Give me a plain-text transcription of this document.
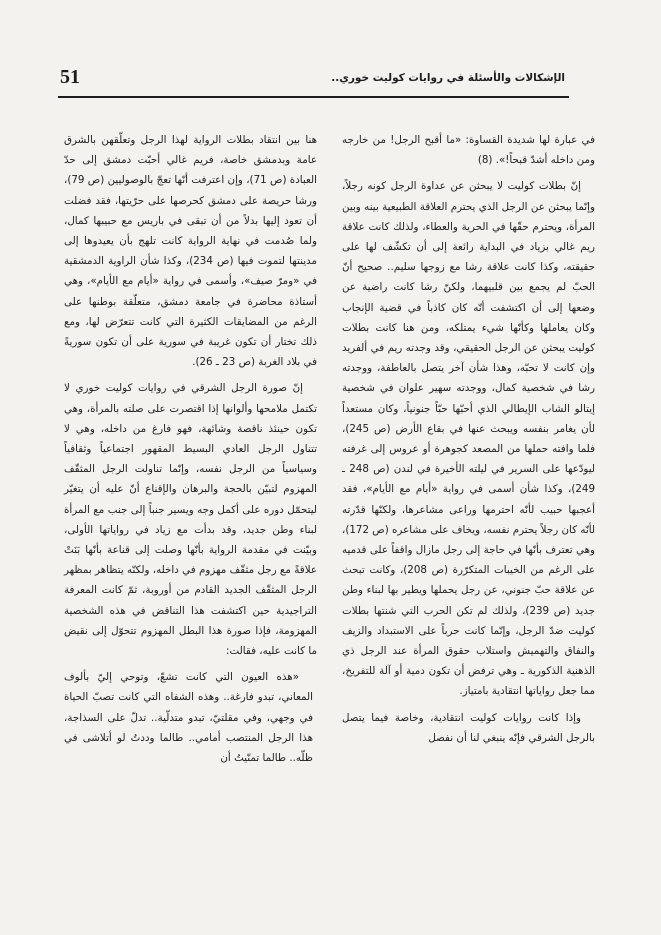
51	الإشكالات والأسئلة في روايات كوليت خوري..

في عبارة لها شديدة القساوة: «ما أقبح الرجل! من خارجه ومن داخله أشدّ قبحاً!». (8)

إنّ بطلات كوليت لا يبحثن عن عداوة الرجل كونه رجلاً، وإنّما يبحثن عن الرجل الذي يحترم العلاقة الطبيعية بينه وبين المرأة، ويحترم حقّها في الحرية والعطاء، ولذلك كانت علاقة ريم غالي بزياد في البداية رائعة إلى أن تكشّف لها على حقيقته، وكذا كانت علاقة رشا مع زوجها سليم.. صحيح أنّ الحبّ لم يجمع بين قلبيهما، ولكنّ رشا كانت راضية عن وضعها إلى أن اكتشفت أنّه كان كاذباً في قضية الإنجاب وكان يعاملها وكأنّها شيء يمتلكه، ومن هنا كانت بطلات كوليت يبحثن عن الرجل الحقيقي، وقد وجدته ريم في ألفريد وإن كانت لا تحبّه، وهذا شأن آخر يتصل بالعاطفة، ووجدته رشا في شخصية كمال، ووجدته سهير علوان في شخصية إيتالو الشاب الإيطالي الذي أحبّها حبّاً جنونياً، وكان مستعداً لأن يغامر بنفسه ويبحث عنها في بقاع الأرض (ص 245)، فلما وافته حملها من المصعد كجوهرة أو عروس إلى غرفته ليودّعها على السرير في ليلته الأخيرة في لندن (ص 248 ـ 249)، وكذا شأن أسمى في رواية «أيام مع الأيام»، فقد أعجبها حبيب لأنّه احترمها وراعى مشاعرها، ولكنّها قدّرته لأنّه كان رجلاً يحترم نفسه، ويخاف على مشاعره (ص 172)، وهي تعترف بأنّها في حاجة إلى رجل مازال واقفاً على قدميه على الرغم من الخيبات المتكرّرة (ص 208)، وكانت تبحث عن علاقة حبّ جنوني، عن رجل يحملها ويطير بها لبناء وطن جديد (ص 239)، ولذلك لم تكن الحرب التي شنتها بطلات كوليت ضدّ الرجل، وإنّما كانت حرباً على الاستبداد والزيف والنفاق والتهميش واستلاب حقوق المرأة عند الرجل ذي الذهنية الذكورية ـ وهي ترفض أن تكون دمية أو آلة للتفريخ، مما جعل رواياتها انتقادية بامتياز.

وإذا كانت روايات كوليت انتقادية، وخاصة فيما يتصل بالرجل الشرقي فإنّه ينبغي لنا أن نفصل

هنا بين انتقاد بطلات الرواية لهذا الرجل وتعلّقهن بالشرق عامة وبدمشق خاصة، فريم غالي أحبّت دمشق إلى حدّ العبادة (ص 71)، وإن اعترفت أنّها تعجّ بالوصوليين (ص 79)، ورشا حريصة على دمشق كحرصها على حرّيتها، فقد فضلت أن تعود إليها بدلاً من أن تبقى في باريس مع حبيبها كمال، ولما صُدمت في نهاية الرواية كانت تلهج بأن يعيدوها إلى مدينتها لتموت فيها (ص 234)، وكذا شأن الراوية الدمشقية في «ومرّ صيف»، وأسمى في رواية «أيام مع الأيام»، وهي أستاذة محاضرة في جامعة دمشق، متعلّقة بوطنها على الرغم من المضايقات الكثيرة التي كانت تتعرّض لها، ومع ذلك تختار أن تكون غريبة في سورية على أن تكون سوريةً في بلاد الغربة (ص 23 ـ 26).

إنّ صورة الرجل الشرقي في روايات كوليت خوري لا تكتمل ملامحها وألوانها إذا اقتصرت على صلته بالمرأة، وهي تكون حينئذ ناقصة وشائهة، فهو فارغ من داخله، وهي لا تتناول الرجل العادي البسيط المقهور اجتماعياً وثقافياً وسياسياً من الرجل نفسه، وإنّما تناولت الرجل المثقّف المهزوم لتبيّن بالحجة والبرهان والإقناع أنّ عليه أن يتغيّر ليتحمّل دوره على أكمل وجه ويسير جنباً إلى جنب مع المرأة لبناء وطن جديد، وقد بدأت مع زياد في رواياتها الأولى، وبيّنت في مقدمة الرواية بأنّها وصلت إلى قناعة بأنّها بَنَتْ علاقةً مع رجل مثقّف مهزوم في داخله، ولكنّه يتظاهر بمظهر الرجل المثقّف الجديد القادم من أوروبة، ثمّ كانت المعرفة التراجيدية حين اكتشفت هذا التناقض في هذه الشخصية المهزومة، فإذا صورة هذا البطل المهزوم تتحوّل إلى نقيض ما كانت عليه، فقالت:

«هذه العيون التي كانت تشعّ، وتوحي إليّ بألوف المعاني، تبدو فارغة.. وهذه الشفاه التي كانت تصبّ الحياة في وجهي، وفي مقلتيّ، تبدو متدلّية.. تدلّ على السذاجة، هذا الرجل المنتصب أمامي.. طالما وددتُ لو أتلاشى في ظلّه.. طالما تمنّيتُ أن
